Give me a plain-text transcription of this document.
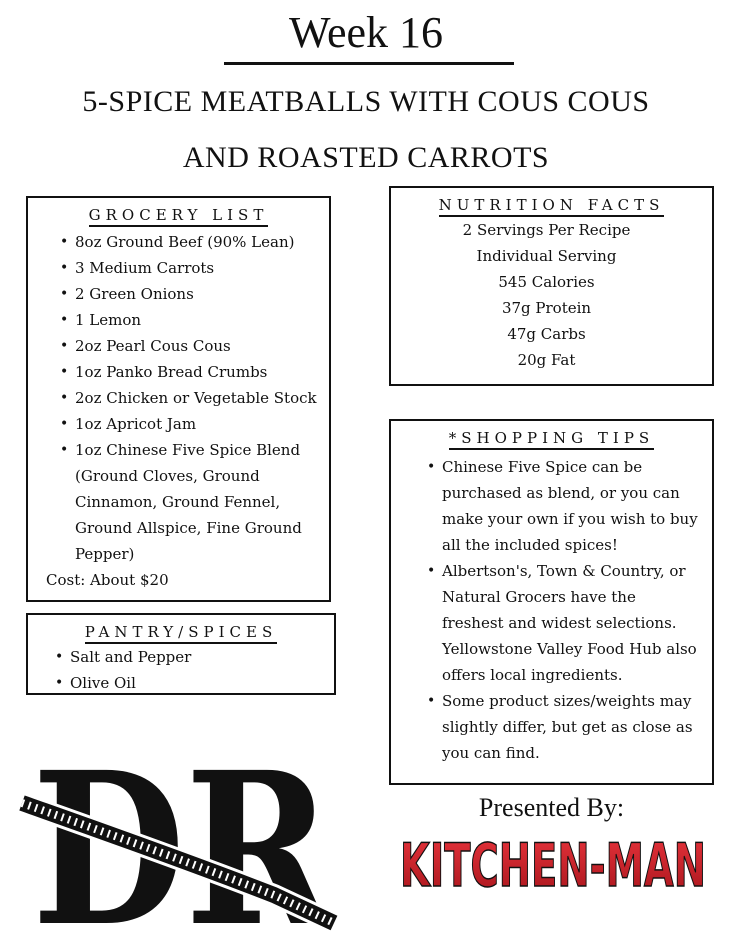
Week 16
5-SPICE MEATBALLS WITH COUS COUS
AND ROASTED CARROTS
GROCERY LIST
• 8oz Ground Beef (90% Lean)
• 3 Medium Carrots
• 2 Green Onions
• 1 Lemon
• 2oz Pearl Cous Cous
• 1oz Panko Bread Crumbs
• 2oz Chicken or Vegetable Stock
• 1oz Apricot Jam
• 1oz Chinese Five Spice Blend (Ground Cloves, Ground Cinnamon, Ground Fennel, Ground Allspice, Fine Ground Pepper)
Cost: About $20
PANTRY/SPICES
• Salt and Pepper
• Olive Oil
NUTRITION FACTS
2 Servings Per Recipe
Individual Serving
545 Calories
37g Protein
47g Carbs
20g Fat
*SHOPPING TIPS
• Chinese Five Spice can be purchased as blend, or you can make your own if you wish to buy all the included spices!
• Albertson's, Town & Country, or Natural Grocers have the freshest and widest selections. Yellowstone Valley Food Hub also offers local ingredients.
• Some product sizes/weights may slightly differ, but get as close as you can find.
Presented By:
KITCHEN-MAN
DR
